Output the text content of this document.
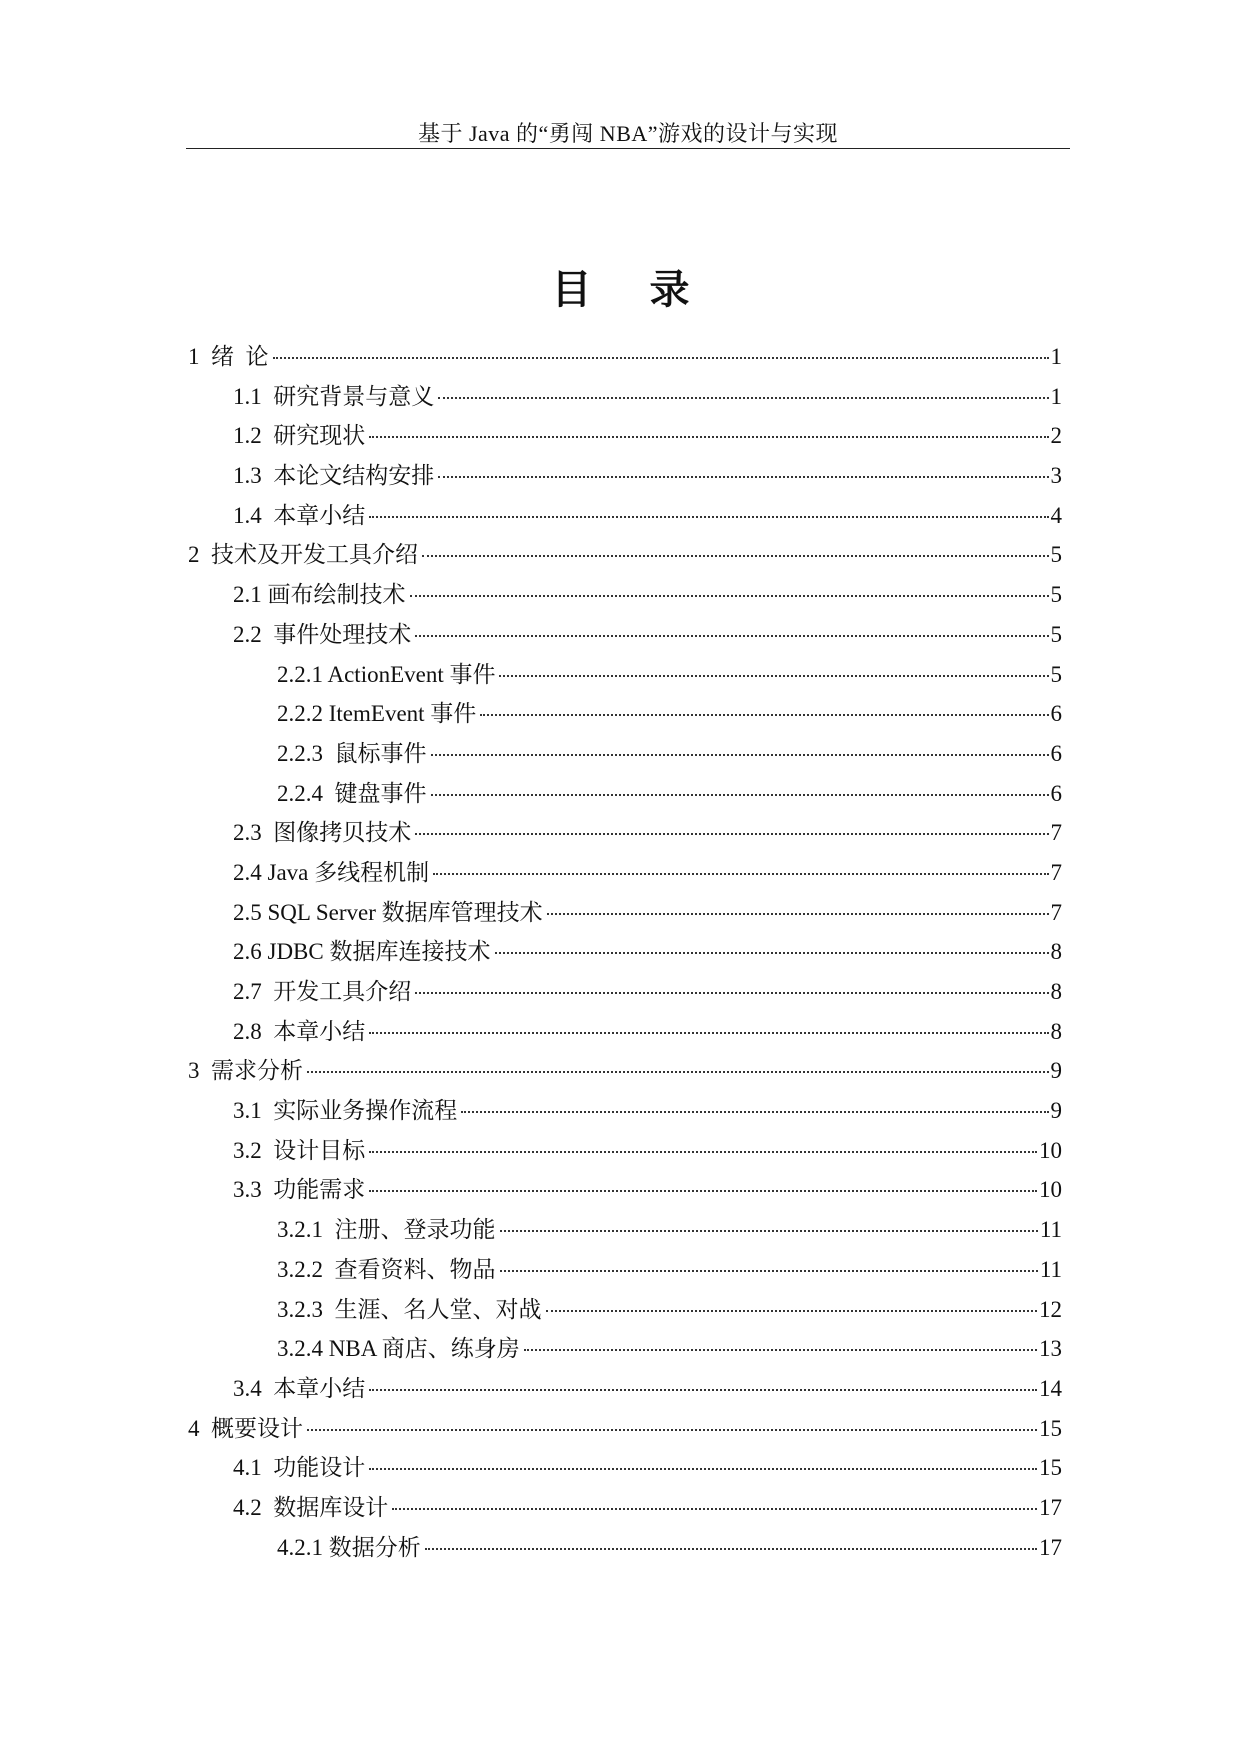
基于 Java 的“勇闯 NBA”游戏的设计与实现
目 录
1  绪  论	1
1.1  研究背景与意义	1
1.2  研究现状	2
1.3  本论文结构安排	3
1.4  本章小结	4
2  技术及开发工具介绍	5
2.1 画布绘制技术	5
2.2  事件处理技术	5
2.2.1 ActionEvent 事件	5
2.2.2 ItemEvent 事件	6
2.2.3  鼠标事件	6
2.2.4  键盘事件	6
2.3  图像拷贝技术	7
2.4 Java 多线程机制	7
2.5 SQL Server 数据库管理技术	7
2.6 JDBC 数据库连接技术	8
2.7  开发工具介绍	8
2.8  本章小结	8
3  需求分析	9
3.1  实际业务操作流程	9
3.2  设计目标	10
3.3  功能需求	10
3.2.1  注册、登录功能	11
3.2.2  查看资料、物品	11
3.2.3  生涯、名人堂、对战	12
3.2.4 NBA 商店、练身房	13
3.4  本章小结	14
4  概要设计	15
4.1  功能设计	15
4.2  数据库设计	17
4.2.1 数据分析	17
